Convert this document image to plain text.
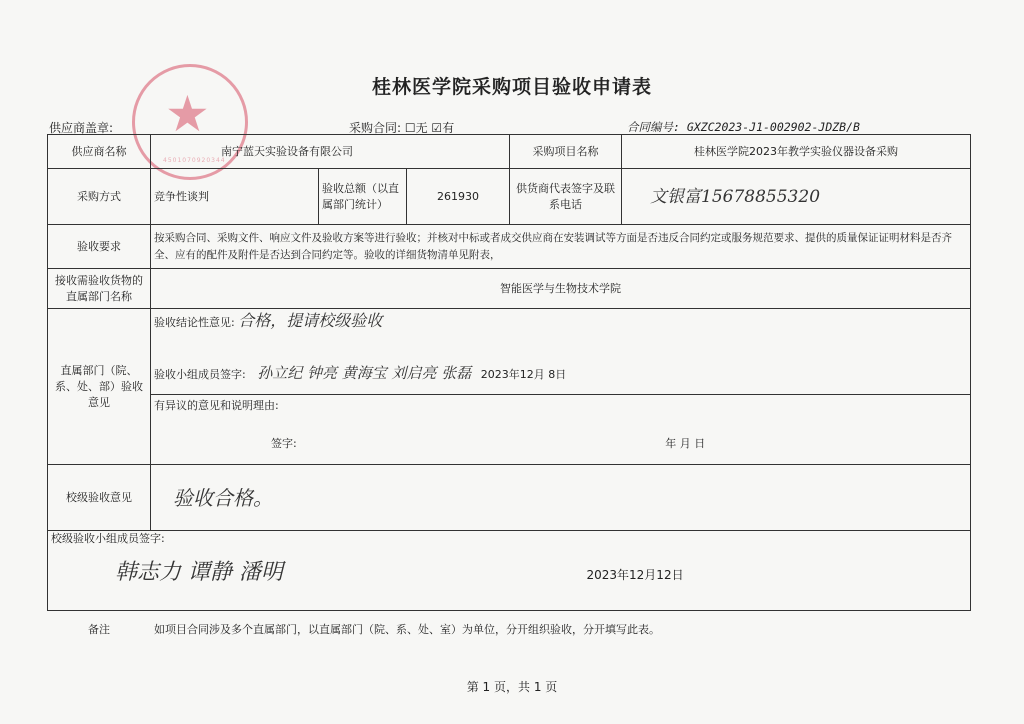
★
4501070920344
桂林医学院采购项目验收申请表
供应商盖章:	采购合同: ☐无 ☑有	合同编号: GXZC2023-J1-002902-JDZB/B
供应商名称	南宁蓝天实验设备有限公司			采购项目名称	桂林医学院2023年教学实验仪器设备采购
采购方式	竞争性谈判	验收总额（以直属部门统计）	261930	供货商代表签字及联系电话	文银富15678855320
验收要求	按采购合同、采购文件、响应文件及验收方案等进行验收；并核对中标或者成交供应商在安装调试等方面是否违反合同约定或服务规范要求、提供的质量保证证明材料是否齐全、应有的配件及附件是否达到合同约定等。验收的详细货物清单见附表，				
接收需验收货物的直属部门名称	智能医学与生物技术学院				
直属部门（院、系、处、部）验收意见	验收结论性意见: 合格，提请校级验收				
	验收小组成员签字: 孙立纪 钟亮 黄海宝 刘启亮 张磊 2023年12月 8日				

	有异议的意见和说明理由:
签字: 年 月 日				
校级验收意见	验收合格。				

校级验收小组成员签字:
韩志力 谭静 潘明 2023年12月12日					
备注	如项目合同涉及多个直属部门，以直属部门（院、系、处、室）为单位，分开组织验收，分开填写此表。
第 1 页，共 1 页
